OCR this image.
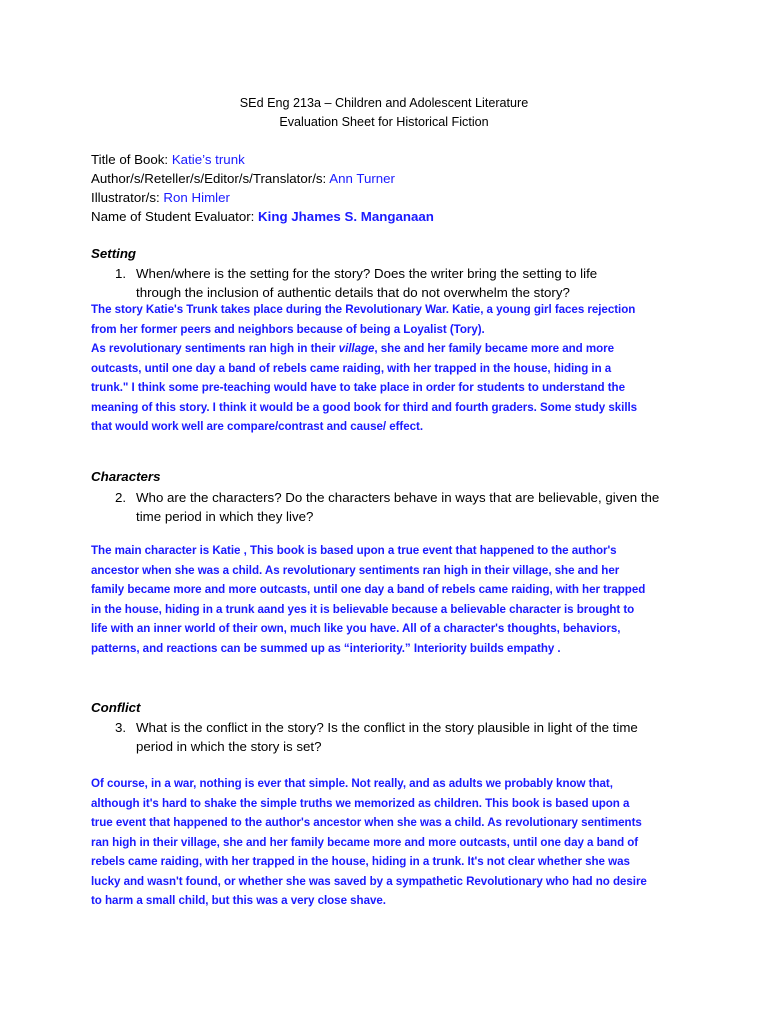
SEd Eng 213a – Children and Adolescent Literature
Evaluation Sheet for Historical Fiction
Title of Book: Katie’s trunk
Author/s/Reteller/s/Editor/s/Translator/s: Ann Turner
Illustrator/s: Ron Himler
Name of Student Evaluator: King Jhames S. Manganaan
Setting
1. When/where is the setting for the story? Does the writer bring the setting to life
through the inclusion of authentic details that do not overwhelm the story?
The story Katie's Trunk takes place during the Revolutionary War. Katie, a young girl faces rejection
from her former peers and neighbors because of being a Loyalist (Tory).
As revolutionary sentiments ran high in their village, she and her family became more and more
outcasts, until one day a band of rebels came raiding, with her trapped in the house, hiding in a
trunk." I think some pre-teaching would have to take place in order for students to understand the
meaning of this story. I think it would be a good book for third and fourth graders. Some study skills
that would work well are compare/contrast and cause/ effect.
Characters
2. Who are the characters? Do the characters behave in ways that are believable, given the
time period in which they live?
The main character is Katie , This book is based upon a true event that happened to the author's
ancestor when she was a child. As revolutionary sentiments ran high in their village, she and her
family became more and more outcasts, until one day a band of rebels came raiding, with her trapped
in the house, hiding in a trunk aand yes it is believable because a believable character is brought to
life with an inner world of their own, much like you have. All of a character's thoughts, behaviors,
patterns, and reactions can be summed up as “interiority.” Interiority builds empathy .
Conflict
3. What is the conflict in the story? Is the conflict in the story plausible in light of the time
period in which the story is set?
Of course, in a war, nothing is ever that simple. Not really, and as adults we probably know that,
although it's hard to shake the simple truths we memorized as children. This book is based upon a
true event that happened to the author's ancestor when she was a child. As revolutionary sentiments
ran high in their village, she and her family became more and more outcasts, until one day a band of
rebels came raiding, with her trapped in the house, hiding in a trunk. It's not clear whether she was
lucky and wasn't found, or whether she was saved by a sympathetic Revolutionary who had no desire
to harm a small child, but this was a very close shave.
